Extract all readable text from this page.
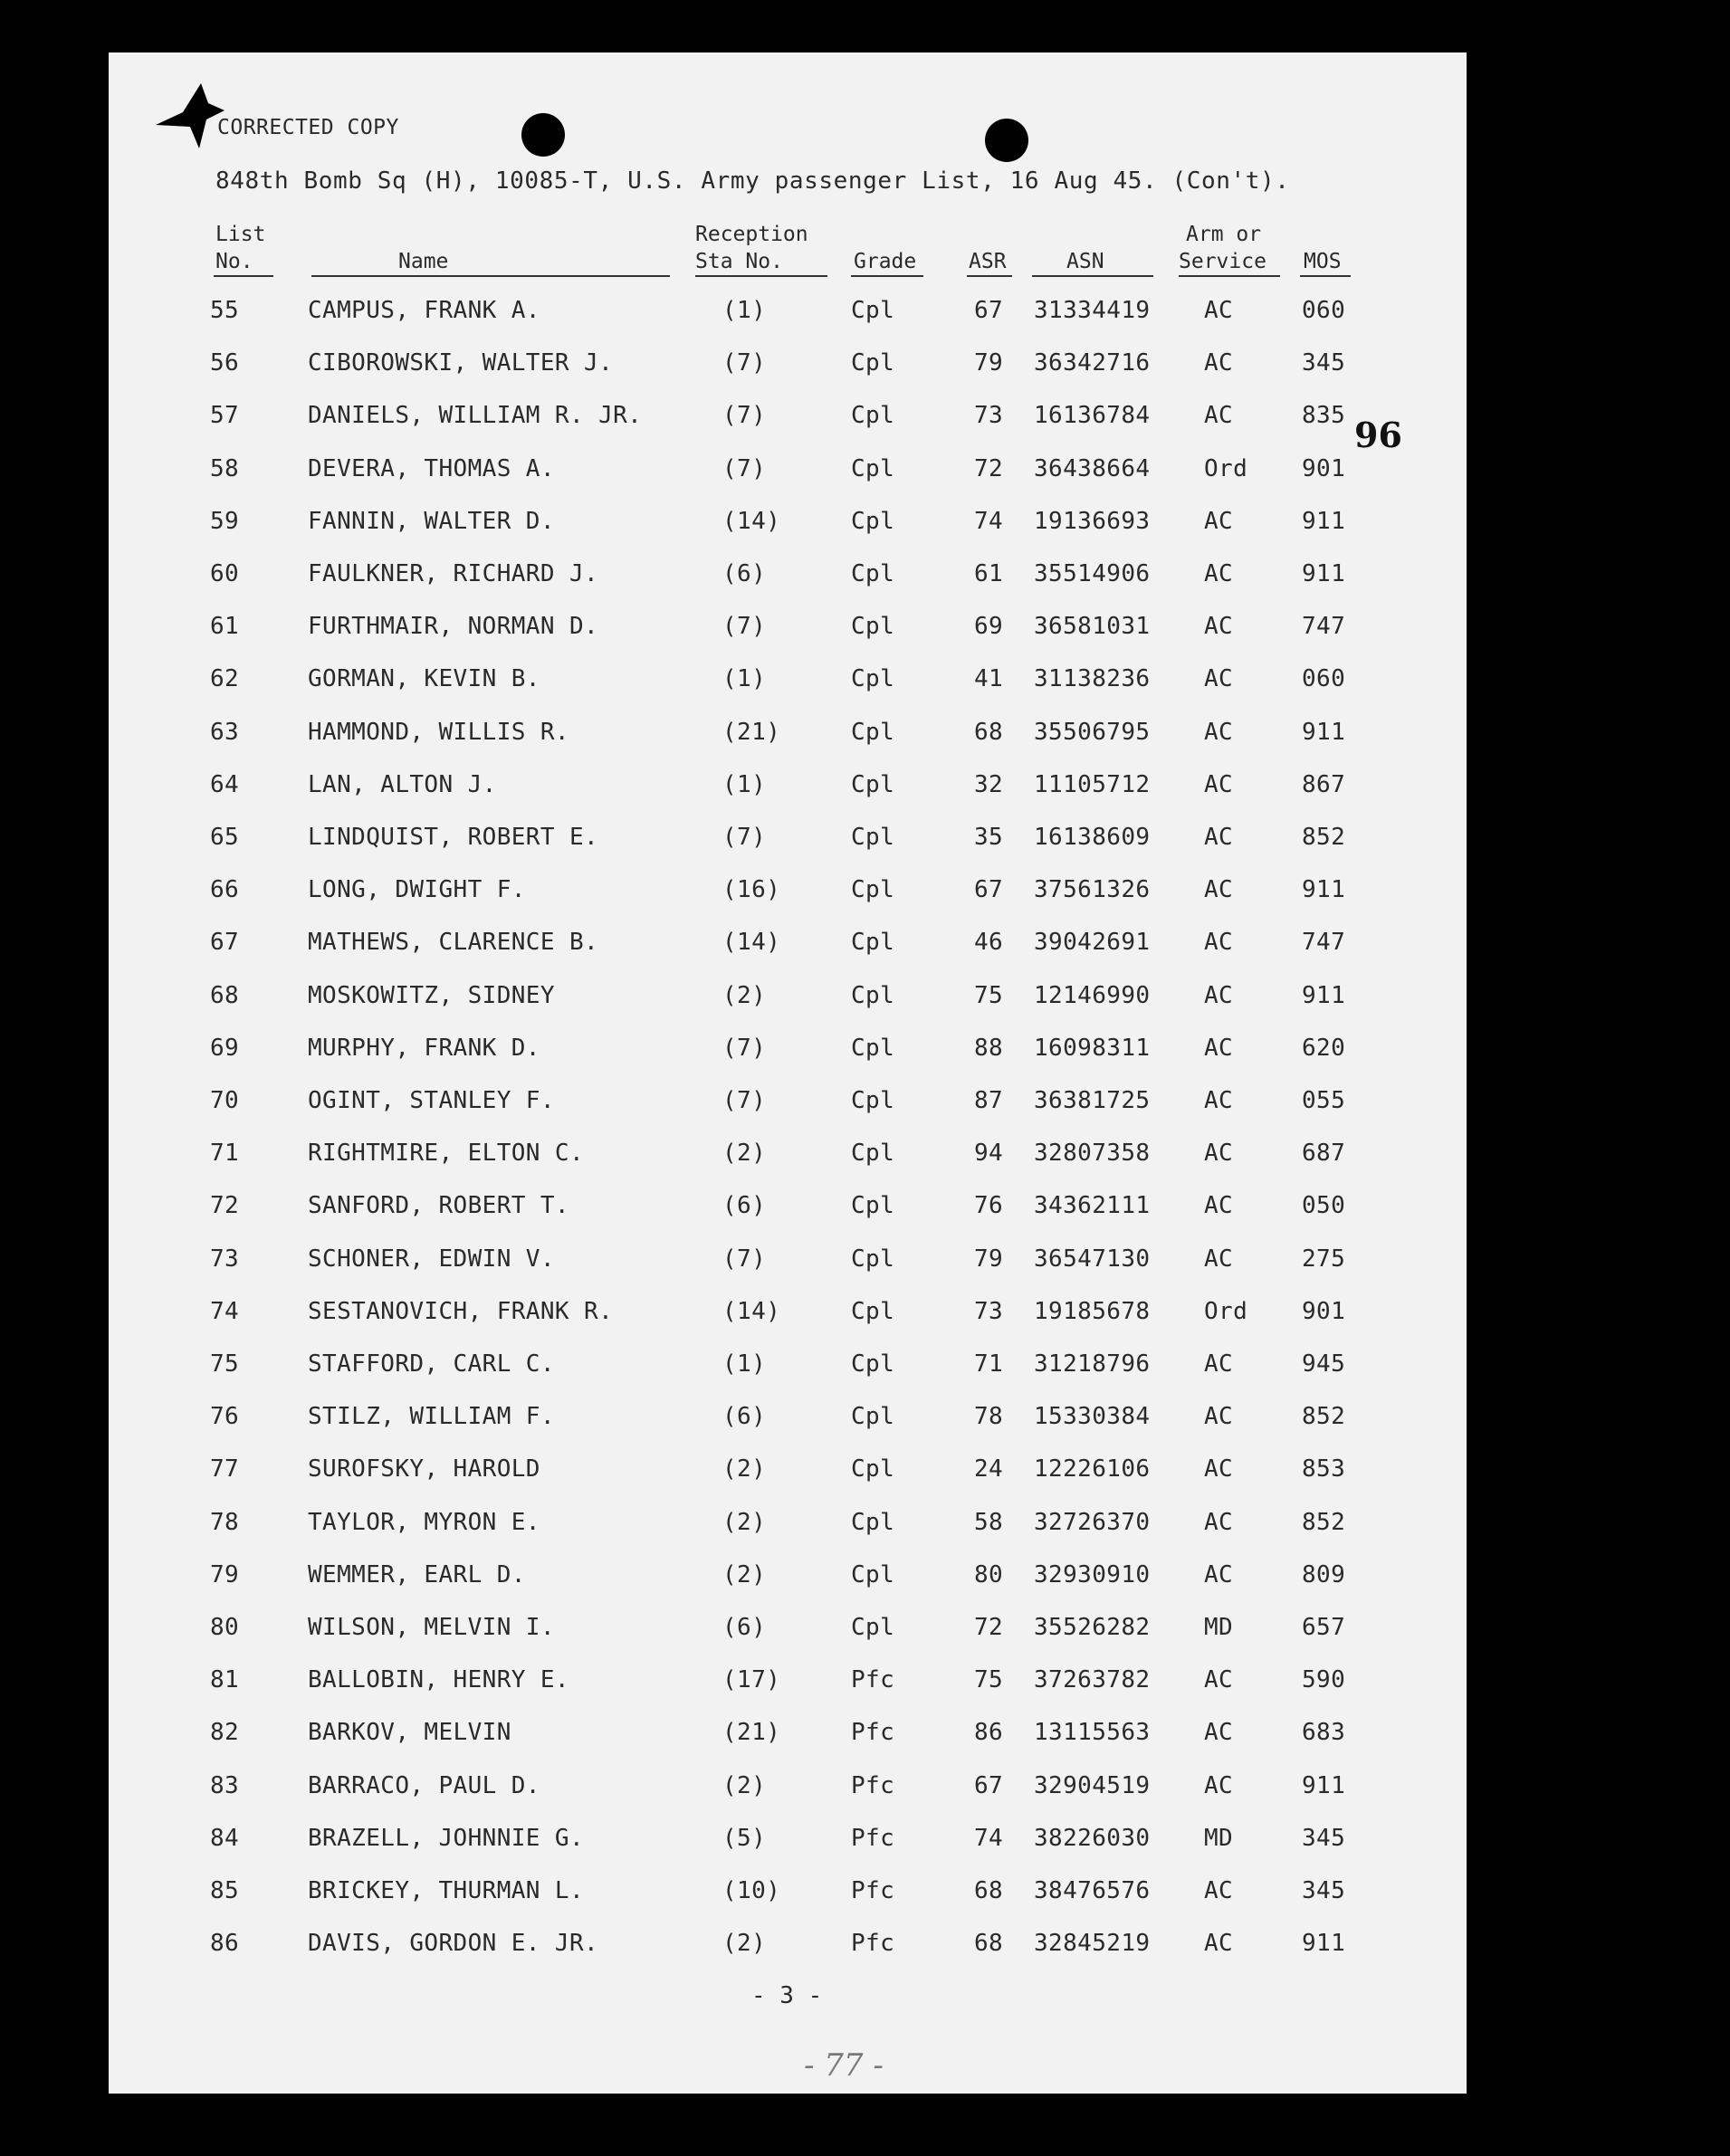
CORRECTED COPY
848th Bomb Sq (H), 10085-T, U.S. Army passenger List, 16 Aug 45. (Con't).
List
No.	Name
Reception
Sta No.	Grade	ASR	ASN
Arm or
Service MOS
55	CAMPUS, FRANK A.	(1)	Cpl	67 31334419 AC	060
56	CIBOROWSKI, WALTER J.	(7)	Cpl	79 36342716 AC	345
57	DANIELS, WILLIAM R. JR.	(7)	Cpl	73 16136784 AC	835
58	DEVERA, THOMAS A.	(7)	Cpl	72 36438664 Ord 901
59	FANNIN, WALTER D.	(14)	Cpl	74 19136693 AC	911
60	FAULKNER, RICHARD J.	(6)	Cpl	61 35514906 AC	911
61	FURTHMAIR, NORMAN D.	(7)	Cpl	69 36581031 AC	747
62	GORMAN, KEVIN B.	(1)	Cpl	41 31138236 AC	060
63	HAMMOND, WILLIS R.	(21)	Cpl	68 35506795 AC	911
64	LAN, ALTON J.	(1)	Cpl	32 11105712 AC	867
65	LINDQUIST, ROBERT E.	(7)	Cpl	35 16138609 AC	852
66	LONG, DWIGHT F.	(16)	Cpl	67 37561326 AC	911
67	MATHEWS, CLARENCE B.	(14)	Cpl	46 39042691 AC	747
68	MOSKOWITZ, SIDNEY	(2)	Cpl	75 12146990 AC	911
69	MURPHY, FRANK D.	(7)	Cpl	88 16098311 AC	620
70	OGINT, STANLEY F.	(7)	Cpl	87 36381725 AC	055
71	RIGHTMIRE, ELTON C.	(2)	Cpl	94 32807358 AC	687
72	SANFORD, ROBERT T.	(6)	Cpl	76 34362111 AC	050
73	SCHONER, EDWIN V.	(7)	Cpl	79 36547130 AC	275
74	SESTANOVICH, FRANK R.	(14)	Cpl	73 19185678 Ord 901
75	STAFFORD, CARL C.	(1)	Cpl	71 31218796 AC	945
76	STILZ, WILLIAM F.	(6)	Cpl	78 15330384 AC	852
77	SUROFSKY, HAROLD	(2)	Cpl	24 12226106 AC	853
78	TAYLOR, MYRON E.	(2)	Cpl	58 32726370 AC	852
79	WEMMER, EARL D.	(2)	Cpl	80 32930910 AC	809
80	WILSON, MELVIN I.	(6)	Cpl	72 35526282 MD	657
81	BALLOBIN, HENRY E.	(17)	Pfc	75 37263782 AC	590
82	BARKOV, MELVIN	(21)	Pfc	86 13115563 AC	683
83	BARRACO, PAUL D.	(2)	Pfc	67 32904519 AC	911
84	BRAZELL, JOHNNIE G.	(5)	Pfc	74 38226030 MD	345
85	BRICKEY, THURMAN L.	(10)	Pfc	68 38476576 AC	345
86	DAVIS, GORDON E. JR.	(2)	Pfc	68 32845219 AC	911
96
- 3 -
- 77 -
